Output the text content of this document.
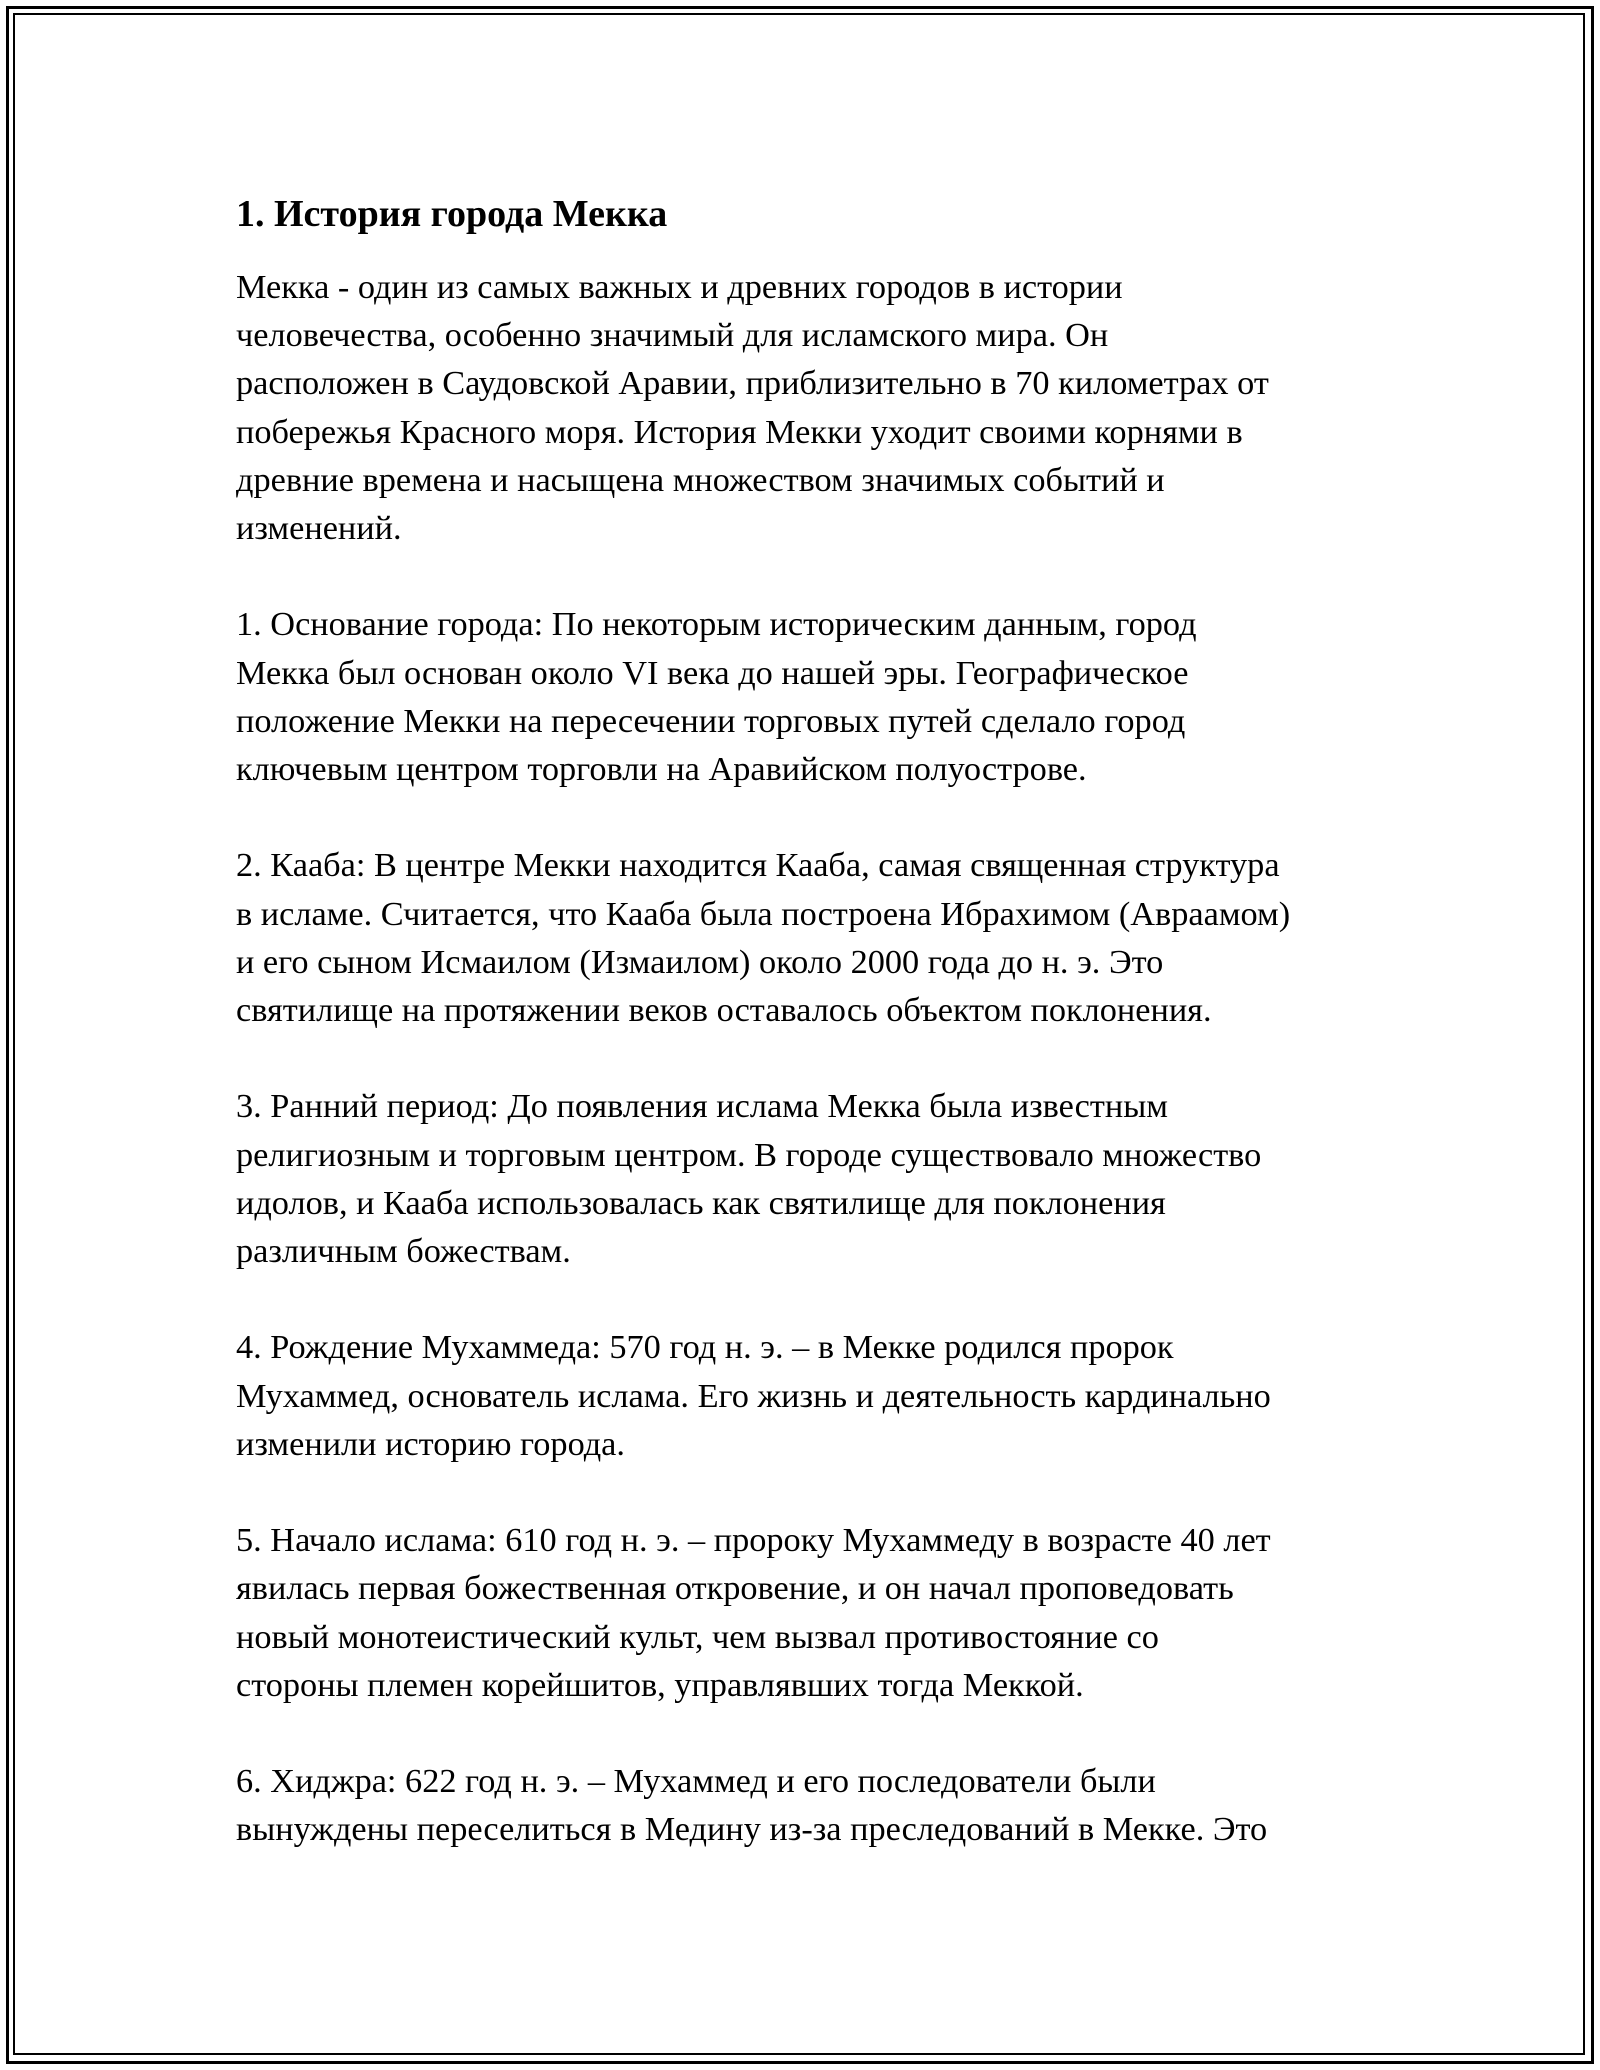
1. История города Мекка

Мекка - один из самых важных и древних городов в истории
человечества, особенно значимый для исламского мира. Он
расположен в Саудовской Аравии, приблизительно в 70 километрах от
побережья Красного моря. История Мекки уходит своими корнями в
древние времена и насыщена множеством значимых событий и
изменений.

1. Основание города: По некоторым историческим данным, город
Мекка был основан около VI века до нашей эры. Географическое
положение Мекки на пересечении торговых путей сделало город
ключевым центром торговли на Аравийском полуострове.

2. Кааба: В центре Мекки находится Кааба, самая священная структура
в исламе. Считается, что Кааба была построена Ибрахимом (Авраамом)
и его сыном Исмаилом (Измаилом) около 2000 года до н. э. Это
святилище на протяжении веков оставалось объектом поклонения.

3. Ранний период: До появления ислама Мекка была известным
религиозным и торговым центром. В городе существовало множество
идолов, и Кааба использовалась как святилище для поклонения
различным божествам.

4. Рождение Мухаммеда: 570 год н. э. – в Мекке родился пророк
Мухаммед, основатель ислама. Его жизнь и деятельность кардинально
изменили историю города.

5. Начало ислама: 610 год н. э. – пророку Мухаммеду в возрасте 40 лет
явилась первая божественная откровение, и он начал проповедовать
новый монотеистический культ, чем вызвал противостояние со
стороны племен корейшитов, управлявших тогда Меккой.

6. Хиджра: 622 год н. э. – Мухаммед и его последователи были
вынуждены переселиться в Медину из-за преследований в Мекке. Это
